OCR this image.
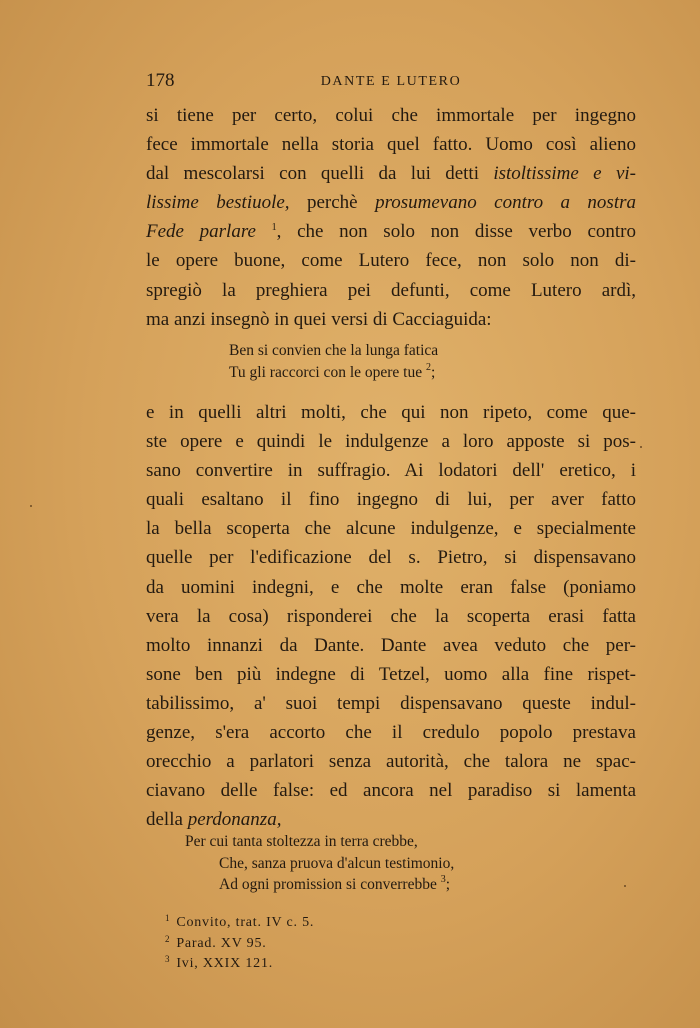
178	DANTE E LUTERO
si tiene per certo, colui che immortale per ingegno
fece immortale nella storia quel fatto. Uomo così alieno
dal mescolarsi con quelli da lui detti istoltissime e vi-
lissime bestiuole, perchè prosumevano contro a nostra
Fede parlare $^1$, che non solo non disse verbo contro
le opere buone, come Lutero fece, non solo non di-
spregiò la preghiera pei defunti, come Lutero ardì,
ma anzi insegnò in quei versi di Cacciaguida:
Ben si convien che la lunga fatica
Tu gli raccorci con le opere tue $^2$;
e in quelli altri molti, che qui non ripeto, come que-
ste opere e quindi le indulgenze a loro apposte si pos-
sano convertire in suffragio. Ai lodatori dell' eretico, i
quali esaltano il fino ingegno di lui, per aver fatto
la bella scoperta che alcune indulgenze, e specialmente
quelle per l'edificazione del s. Pietro, si dispensavano
da uomini indegni, e che molte eran false (poniamo
vera la cosa) risponderei che la scoperta erasi fatta
molto innanzi da Dante. Dante avea veduto che per-
sone ben più indegne di Tetzel, uomo alla fine rispet-
tabilissimo, a' suoi tempi dispensavano queste indul-
genze, s'era accorto che il credulo popolo prestava
orecchio a parlatori senza autorità, che talora ne spac-
ciavano delle false: ed ancora nel paradiso si lamenta
della perdonanza,
Per cui tanta stoltezza in terra crebbe,
Che, sanza pruova d'alcun testimonio,
Ad ogni promission si converrebbe $^3$;
$^1$ Convito, trat. IV c. 5.
$^2$ Parad. XV 95.
$^3$ Ivi, XXIX 121.
